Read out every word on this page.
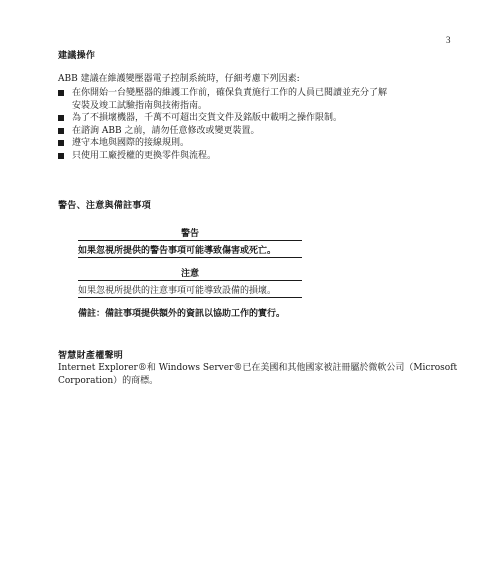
3
建議操作
ABB 建議在維護變壓器電子控制系統時，仔細考慮下列因素:
在你開始一台變壓器的維護工作前，確保負責施行工作的人員已閱讀並充分了解
安裝及竣工試驗指南與技術指南。
為了不損壞機器，千萬不可超出交貨文件及銘版中載明之操作限制。
在諮詢 ABB 之前，請勿任意修改或變更裝置。
遵守本地與國際的接線規則。
只使用工廠授權的更換零件與流程。
警告、注意與備註事項
警告
如果忽視所提供的警告事項可能導致傷害或死亡。
注意
如果忽視所提供的注意事項可能導致設備的損壞。
備註：備註事項提供額外的資訊以協助工作的實行。
智慧財產權聲明
Internet Explorer®和 Windows Server®已在美國和其他國家被註冊屬於微軟公司（Microsoft
Corporation）的商標。
